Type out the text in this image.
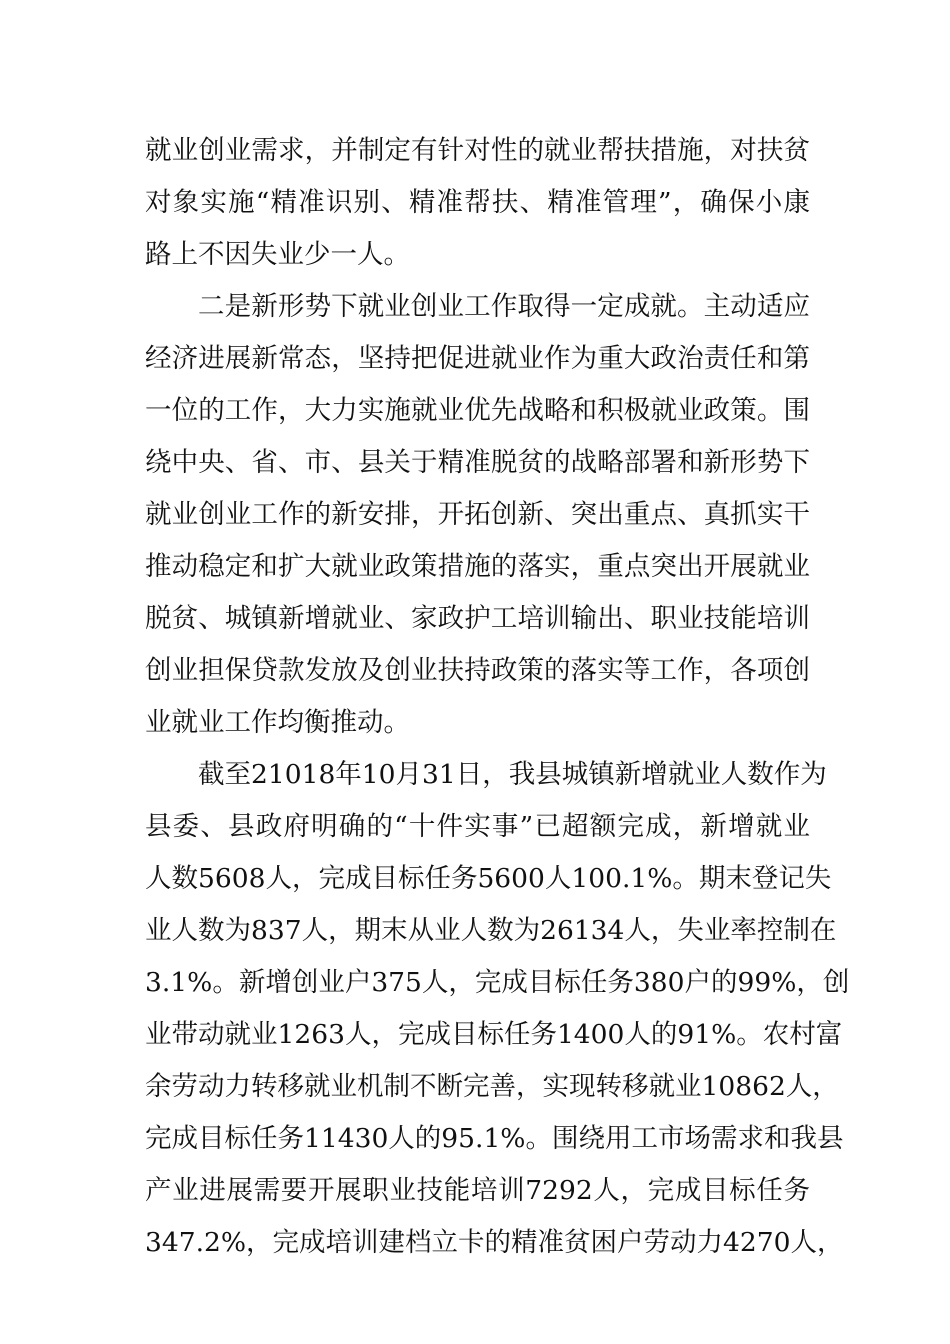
就业创业需求，并制定有针对性的就业帮扶措施，对扶贫
对象实施“精准识别、精准帮扶、精准管理”，确保小康
路上不因失业少一人。
二是新形势下就业创业工作取得一定成就。主动适应
经济进展新常态，坚持把促进就业作为重大政治责任和第
一位的工作，大力实施就业优先战略和积极就业政策。围
绕中央、省、市、县关于精准脱贫的战略部署和新形势下
就业创业工作的新安排，开拓创新、突出重点、真抓实干
推动稳定和扩大就业政策措施的落实，重点突出开展就业
脱贫、城镇新增就业、家政护工培训输出、职业技能培训
创业担保贷款发放及创业扶持政策的落实等工作，各项创
业就业工作均衡推动。
截至21018年10月31日，我县城镇新增就业人数作为
县委、县政府明确的“十件实事”已超额完成，新增就业
人数5608人，完成目标任务5600人100.1%。期末登记失
业人数为837人，期末从业人数为26134人，失业率控制在
3.1%。新增创业户375人，完成目标任务380户的99%，创
业带动就业1263人，完成目标任务1400人的91%。农村富
余劳动力转移就业机制不断完善，实现转移就业10862人，
完成目标任务11430人的95.1%。围绕用工市场需求和我县
产业进展需要开展职业技能培训7292人，完成目标任务
347.2%，完成培训建档立卡的精准贫困户劳动力4270人，
